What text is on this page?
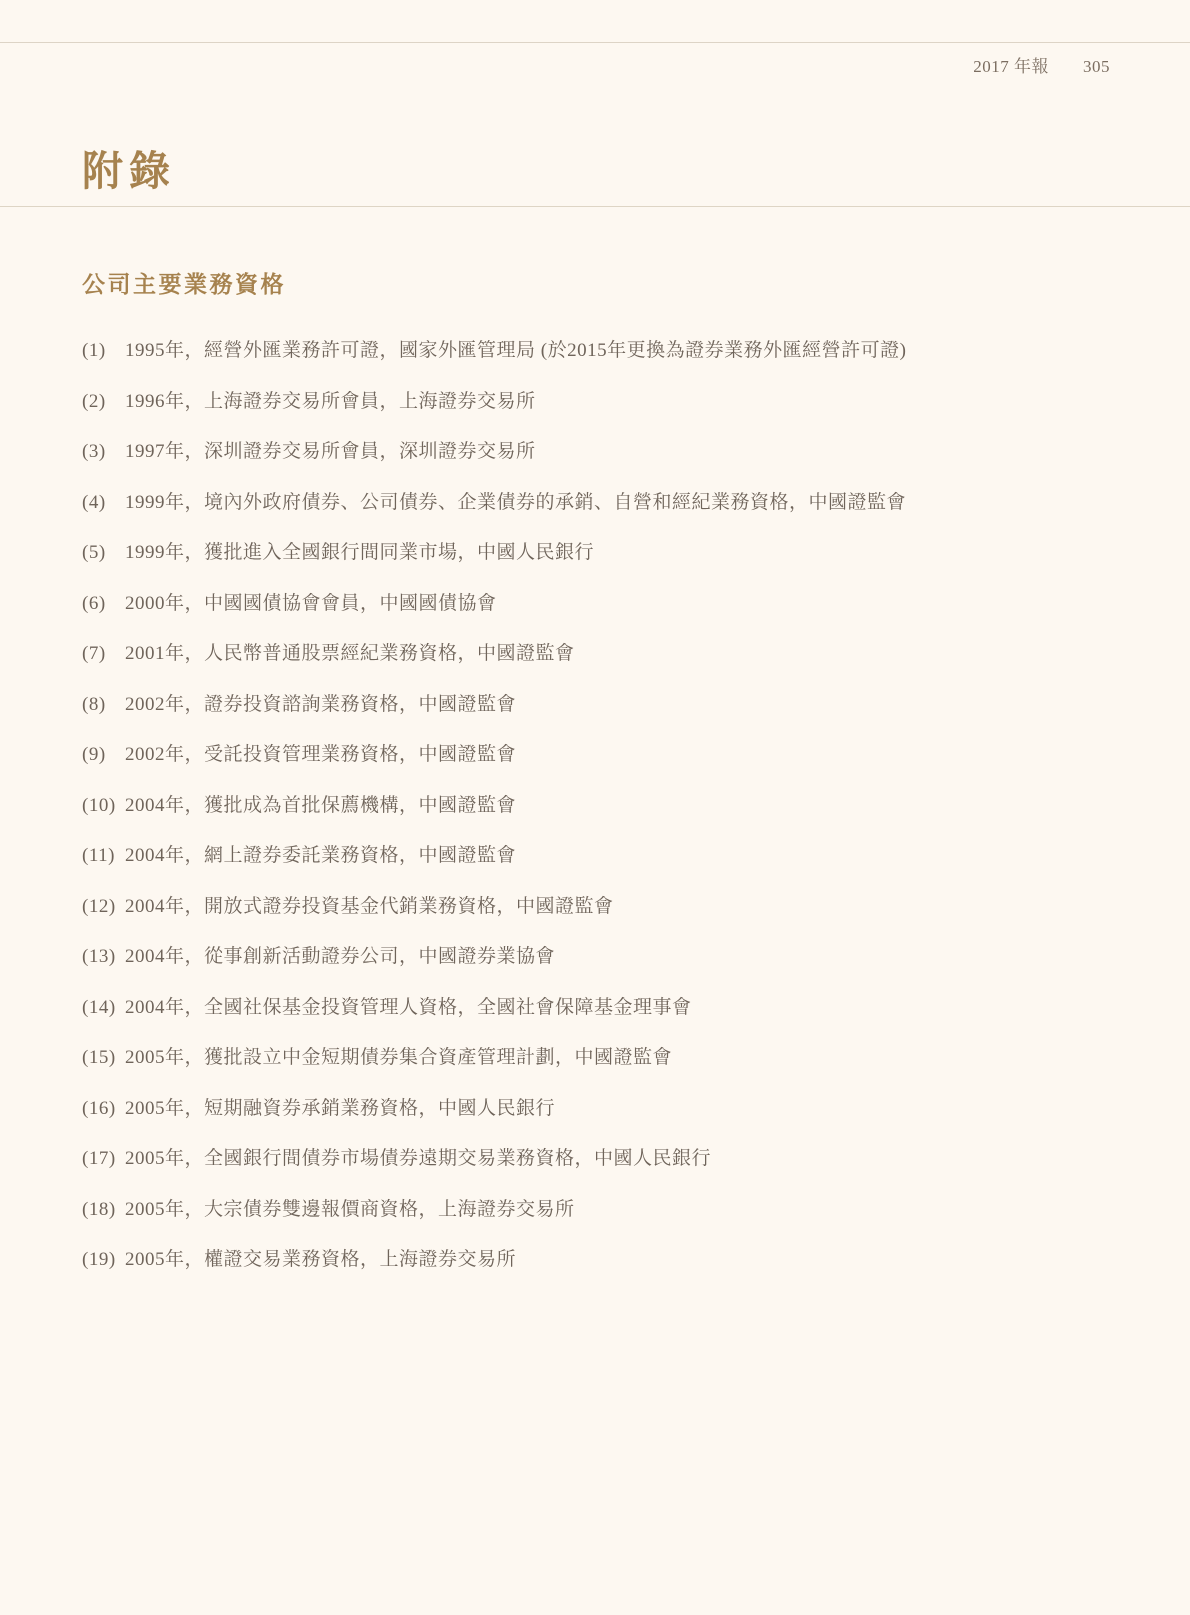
2017 年報 305
附錄
公司主要業務資格
(1)	1995年，經營外匯業務許可證，國家外匯管理局 (於2015年更換為證券業務外匯經營許可證)
(2)	1996年，上海證券交易所會員，上海證券交易所
(3)	1997年，深圳證券交易所會員，深圳證券交易所
(4)	1999年，境內外政府債券、公司債券、企業債券的承銷、自營和經紀業務資格，中國證監會
(5)	1999年，獲批進入全國銀行間同業市場，中國人民銀行
(6)	2000年，中國國債協會會員，中國國債協會
(7)	2001年，人民幣普通股票經紀業務資格，中國證監會
(8)	2002年，證券投資諮詢業務資格，中國證監會
(9)	2002年，受託投資管理業務資格，中國證監會
(10) 2004年，獲批成為首批保薦機構，中國證監會
(11) 2004年，網上證券委託業務資格，中國證監會
(12) 2004年，開放式證券投資基金代銷業務資格，中國證監會
(13) 2004年，從事創新活動證券公司，中國證券業協會
(14) 2004年，全國社保基金投資管理人資格，全國社會保障基金理事會
(15) 2005年，獲批設立中金短期債券集合資產管理計劃，中國證監會
(16) 2005年，短期融資券承銷業務資格，中國人民銀行
(17) 2005年，全國銀行間債券市場債券遠期交易業務資格，中國人民銀行
(18) 2005年，大宗債券雙邊報價商資格，上海證券交易所
(19) 2005年，權證交易業務資格，上海證券交易所
